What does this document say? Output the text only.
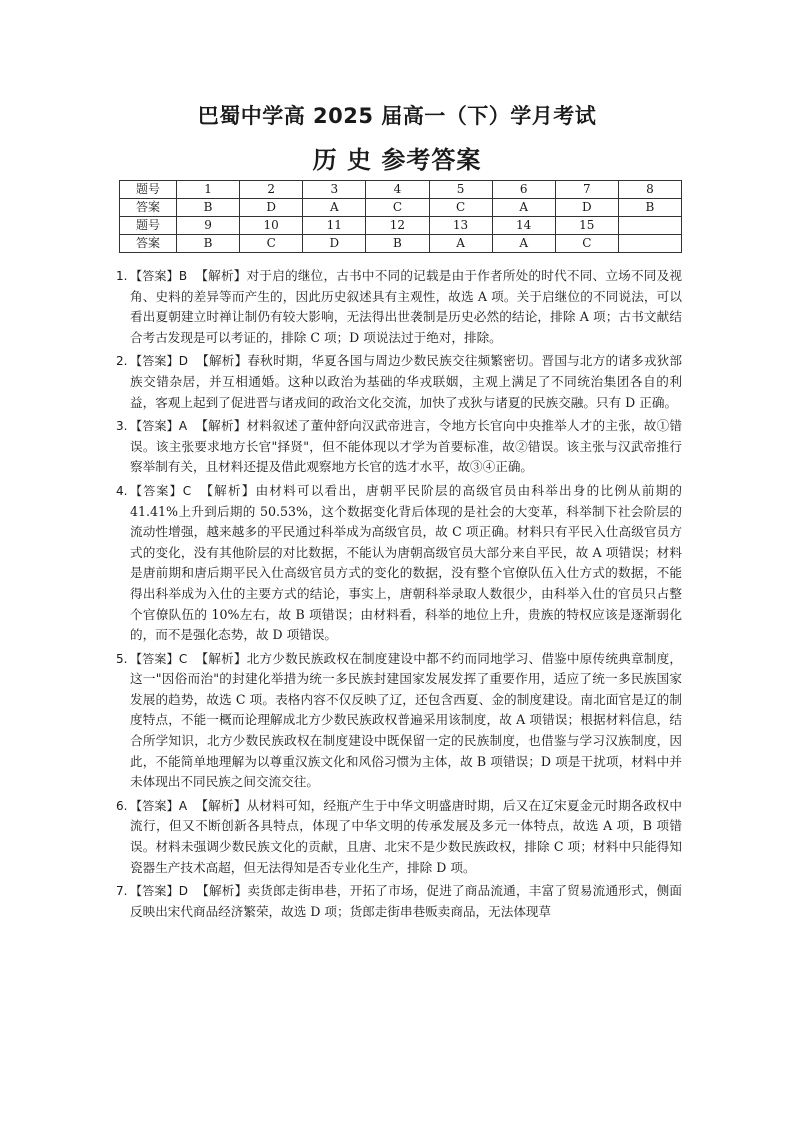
巴蜀中学高 2025 届高一（下）学月考试
历 史 参考答案
题号	1	2	3	4	5	6	7	8
答案	B	D	A	C	C	A	D	B
题号	9	10	11	12	13	14	15	
答案	B	C	D	B	A	A	C	
1. 【答案】B 【解析】对于启的继位，古书中不同的记载是由于作者所处的时代不同、立场不同及视角、史料的差异等而产生的，因此历史叙述具有主观性，故选 A 项。关于启继位的不同说法，可以看出夏朝建立时禅让制仍有较大影响，无法得出世袭制是历史必然的结论，排除 A 项；古书文献结合考古发现是可以考证的，排除 C 项；D 项说法过于绝对，排除。
2. 【答案】D 【解析】春秋时期，华夏各国与周边少数民族交往频繁密切。晋国与北方的诸多戎狄部族交错杂居，并互相通婚。这种以政治为基础的华戎联姻，主观上满足了不同统治集团各自的利益，客观上起到了促进晋与诸戎间的政治文化交流，加快了戎狄与诸夏的民族交融。只有 D 正确。
3. 【答案】A 【解析】材料叙述了董仲舒向汉武帝进言，令地方长官向中央推举人才的主张，故①错误。该主张要求地方长官"择贤"，但不能体现以才学为首要标准，故②错误。该主张与汉武帝推行察举制有关，且材料还提及借此观察地方长官的选才水平，故③④正确。
4. 【答案】C 【解析】由材料可以看出，唐朝平民阶层的高级官员由科举出身的比例从前期的 41.41%上升到后期的 50.53%，这个数据变化背后体现的是社会的大变革，科举制下社会阶层的流动性增强，越来越多的平民通过科举成为高级官员，故 C 项正确。材料只有平民入仕高级官员方式的变化，没有其他阶层的对比数据，不能认为唐朝高级官员大部分来自平民，故 A 项错误；材料是唐前期和唐后期平民入仕高级官员方式的变化的数据，没有整个官僚队伍入仕方式的数据，不能得出科举成为入仕的主要方式的结论，事实上，唐朝科举录取人数很少，由科举入仕的官员只占整个官僚队伍的 10%左右，故 B 项错误；由材料看，科举的地位上升，贵族的特权应该是逐渐弱化的，而不是强化态势，故 D 项错误。
5. 【答案】C 【解析】北方少数民族政权在制度建设中都不约而同地学习、借鉴中原传统典章制度，这一"因俗而治"的封建化举措为统一多民族封建国家发展发挥了重要作用，适应了统一多民族国家发展的趋势，故选 C 项。表格内容不仅反映了辽，还包含西夏、金的制度建设。南北面官是辽的制度特点，不能一概而论理解成北方少数民族政权普遍采用该制度，故 A 项错误；根据材料信息，结合所学知识，北方少数民族政权在制度建设中既保留一定的民族制度，也借鉴与学习汉族制度，因此，不能简单地理解为以尊重汉族文化和风俗习惯为主体，故 B 项错误；D 项是干扰项，材料中并未体现出不同民族之间交流交往。
6. 【答案】A 【解析】从材料可知，经瓶产生于中华文明盛唐时期，后又在辽宋夏金元时期各政权中流行，但又不断创新各具特点，体现了中华文明的传承发展及多元一体特点，故选 A 项，B 项错误。材料未强调少数民族文化的贡献，且唐、北宋不是少数民族政权，排除 C 项；材料中只能得知瓷器生产技术高超，但无法得知是否专业化生产，排除 D 项。
7. 【答案】D 【解析】卖货郎走街串巷，开拓了市场，促进了商品流通，丰富了贸易流通形式，侧面反映出宋代商品经济繁荣，故选 D 项；货郎走街串巷贩卖商品，无法体现草
